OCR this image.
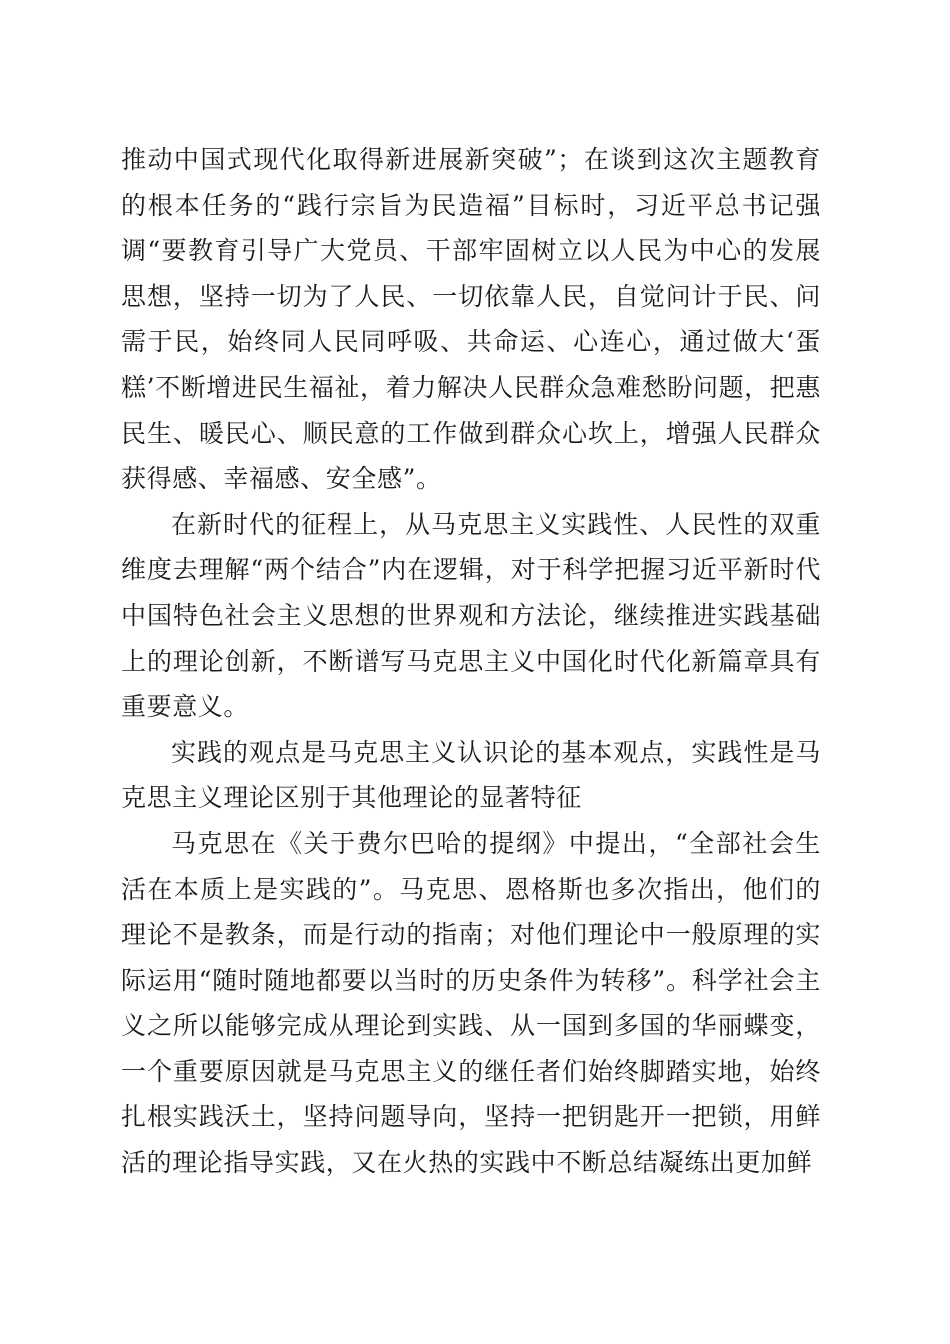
推动中国式现代化取得新进展新突破”；在谈到这次主题教育的根本任务的“践行宗旨为民造福”目标时，习近平总书记强调“要教育引导广大党员、干部牢固树立以人民为中心的发展思想，坚持一切为了人民、一切依靠人民，自觉问计于民、问需于民，始终同人民同呼吸、共命运、心连心，通过做大‘蛋糕’不断增进民生福祉，着力解决人民群众急难愁盼问题，把惠民生、暖民心、顺民意的工作做到群众心坎上，增强人民群众获得感、幸福感、安全感”。

在新时代的征程上，从马克思主义实践性、人民性的双重维度去理解“两个结合”内在逻辑，对于科学把握习近平新时代中国特色社会主义思想的世界观和方法论，继续推进实践基础上的理论创新，不断谱写马克思主义中国化时代化新篇章具有重要意义。

实践的观点是马克思主义认识论的基本观点，实践性是马克思主义理论区别于其他理论的显著特征

马克思在《关于费尔巴哈的提纲》中提出，“全部社会生活在本质上是实践的”。马克思、恩格斯也多次指出，他们的理论不是教条，而是行动的指南；对他们理论中一般原理的实际运用“随时随地都要以当时的历史条件为转移”。科学社会主义之所以能够完成从理论到实践、从一国到多国的华丽蝶变，一个重要原因就是马克思主义的继任者们始终脚踏实地，始终扎根实践沃土，坚持问题导向，坚持一把钥匙开一把锁，用鲜活的理论指导实践，又在火热的实践中不断总结凝练出更加鲜
